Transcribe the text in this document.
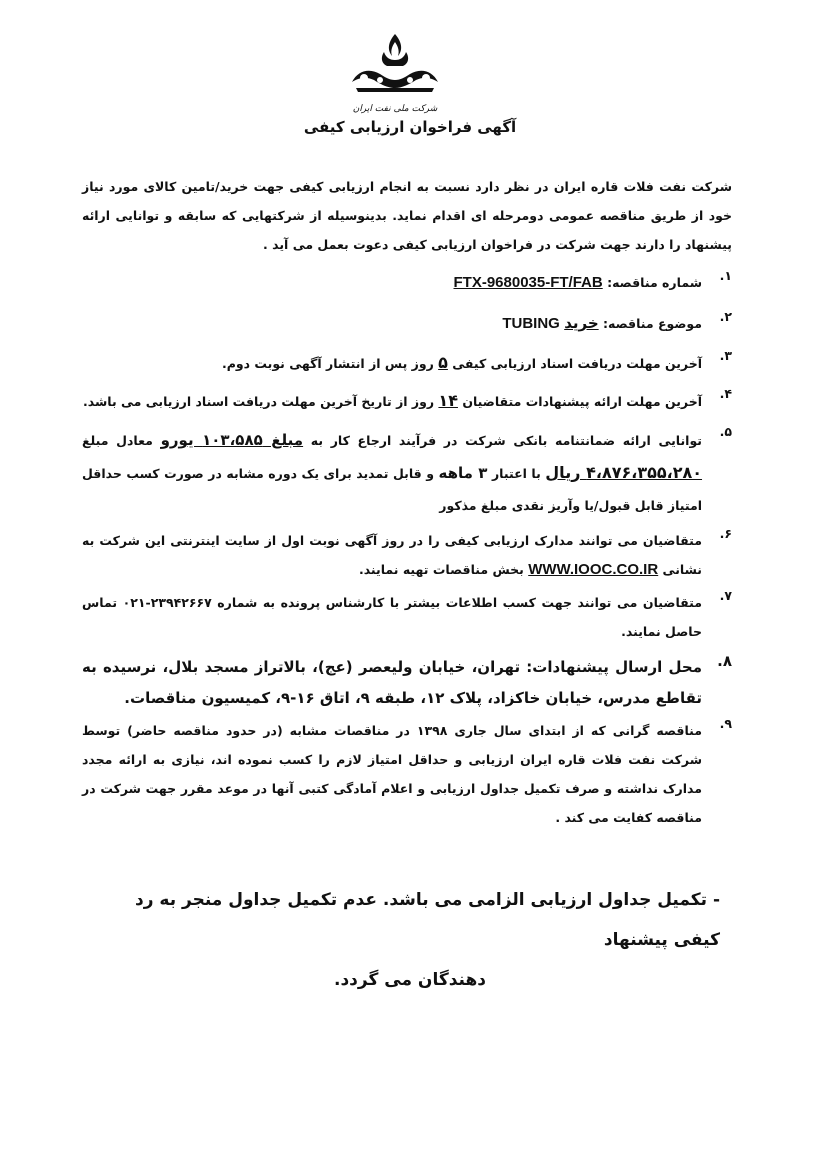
شرکت ملی نفت ایران
آگهی فراخوان ارزیابی کیفی
شرکت نفت فلات قاره ایران در نظر دارد نسبت به انجام ارزیابی کیفی جهت خرید/تامین کالای مورد نیاز خود از طریق مناقصه عمومی دومرحله ای اقدام نماید. بدینوسیله از شرکتهایی که سابقه و توانایی ارائه پیشنهاد را دارند جهت شرکت در فراخوان ارزیابی کیفی دعوت بعمل می آید .
۱.

شماره مناقصه: FTX-9680035-FT/FAB

۲.

موضوع مناقصه: خرید TUBING

۳.

آخرین مهلت دریافت اسناد ارزیابی کیفی ۵ روز پس از انتشار آگهی نوبت دوم.

۴.

آخرین مهلت ارائه پیشنهادات متقاضیان ۱۴ روز از تاریخ آخرین مهلت دریافت اسناد ارزیابی می باشد.

۵.

توانایی ارائه ضمانتنامه بانکی شرکت در فرآیند ارجاع کار به مبلغ ۱۰۳،۵۸۵ یورو معادل مبلغ ۴،۸۷۶،۳۵۵،۲۸۰ ریال با اعتبار ۳ ماهه و قابل تمدید برای یک دوره مشابه در صورت کسب حداقل امتیاز قابل قبول/یا وآریز نقدی مبلغ مذکور

۶.

متقاضیان می توانند مدارک ارزیابی کیفی را در روز آگهی نوبت اول از سایت اینترنتی این شرکت به نشانی WWW.IOOC.CO.IR بخش مناقصات تهیه نمایند.

۷.

متقاضیان می توانند جهت کسب اطلاعات بیشتر با کارشناس پرونده به شماره ۲۳۹۴۲۶۶۷-۰۲۱ تماس حاصل نمایند.

۸.

محل ارسال پیشنهادات: تهران، خیابان ولیعصر (عج)، بالاتراز مسجد بلال، نرسیده به تقاطع مدرس، خیابان خاکزاد، پلاک ۱۲، طبقه ۹، اتاق ۱۶-۹، کمیسیون مناقصات.

۹.

مناقصه گرانی که از ابتدای سال جاری ۱۳۹۸ در مناقصات مشابه (در حدود مناقصه حاضر) توسط شرکت نفت فلات قاره ایران ارزیابی و حداقل امتیاز لازم را کسب نموده اند، نیازی به ارائه مجدد مدارک نداشته و صرف تکمیل جداول ارزیابی و اعلام آمادگی کتبی آنها در موعد مقرر جهت شرکت در مناقصه کفایت می کند .

- تکمیل جداول ارزیابی الزامی می باشد. عدم تکمیل جداول منجر به رد کیفی پیشنهاد

دهندگان می گردد.
